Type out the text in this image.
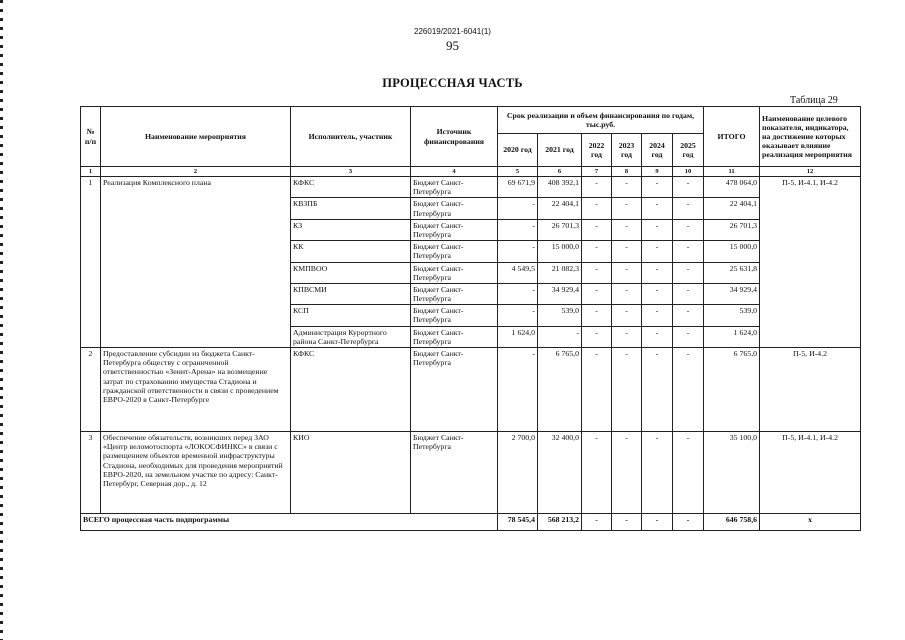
226019/2021-6041(1)
95
ПРОЦЕССНАЯ ЧАСТЬ
Таблица 29
№ п/п	Наименование мероприятия	Исполнитель, участник	Источник финансирования	Срок реализации и объем финансирования по годам, тыс.руб.						ИТОГО	Наименование целевого показателя, индикатора, на достижение которых оказывает влияние реализация мероприятия
				2020 год	2021 год	2022 год	2023 год	2024 год	2025 год		
1	2	3	4	5	6	7	8	9	10	11	12
1	Реализация Комплексного плана	КФКС	Бюджет Санкт-Петербурга	69 671,9	408 392,1	-	-	-	-	478 064,0	П-5, И-4.1, И-4.2
		КВЗПБ	Бюджет Санкт-Петербурга	-	22 404,1	-	-	-	-	22 404,1	
		КЗ	Бюджет Санкт-Петербурга	-	26 701,3	-	-	-	-	26 701,3	
		КК	Бюджет Санкт-Петербурга	-	15 000,0	-	-	-	-	15 000,0	
		КМПВОО	Бюджет Санкт-Петербурга	4 549,5	21 082,3	-	-	-	-	25 631,8	
		КПВСМИ	Бюджет Санкт-Петербурга	-	34 929,4	-	-	-	-	34 929,4	
		КСП	Бюджет Санкт-Петербурга	-	539,0	-	-	-	-	539,0	
		Администрация Курортного района Санкт-Петербурга	Бюджет Санкт-Петербурга	1 624,0	-	-	-	-	-	1 624,0	
2	Предоставление субсидии из бюджета Санкт-Петербурга обществу с ограниченной ответственностью «Зенит-Арена» на возмещение затрат по страхованию имущества Стадиона и гражданской ответственности в связи с проведением ЕВРО-2020 в Санкт-Петербурге	КФКС	Бюджет Санкт-Петербурга	-	6 765,0	-	-	-	-	6 765,0	П-5, И-4.2
3	Обеспечение обязательств, возникших перед ЗАО «Центр веломотоспорта «ЛОКОСФИНКС» в связи с размещением объектов временной инфраструктуры Стадиона, необходимых для проведения мероприятий ЕВРО-2020, на земельном участке по адресу: Санкт-Петербург, Северная дор., д. 12	КИО	Бюджет Санкт-Петербурга	2 700,0	32 400,0	-	-	-	-	35 100,0	П-5, И-4.1, И-4.2
ВСЕГО процессная часть подпрограммы				78 545,4	568 213,2	-	-	-	-	646 758,6	х
